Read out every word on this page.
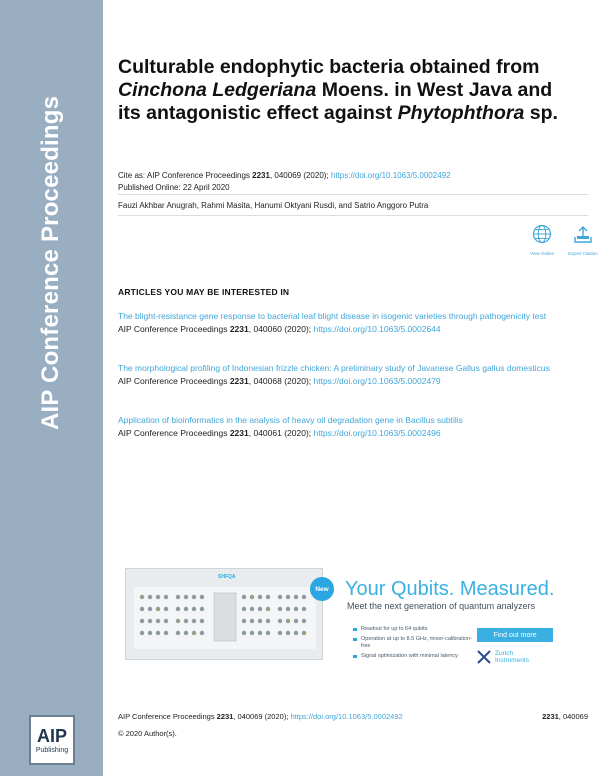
AIP Conference Proceedings
AIP
Publishing
Culturable endophytic bacteria obtained from Cinchona Ledgeriana Moens. in West Java and its antagonistic effect against Phytophthora sp.
Cite as: AIP Conference Proceedings 2231, 040069 (2020); https://doi.org/10.1063/5.0002492
Published Online: 22 April 2020
Fauzi Akhbar Anugrah, Rahmi Masita, Hanumi Oktyani Rusdi, and Satrio Anggoro Putra
View Online	Export Citation
ARTICLES YOU MAY BE INTERESTED IN
The blight-resistance gene response to bacterial leaf blight disease in isogenic varieties through pathogenicity test
AIP Conference Proceedings 2231, 040060 (2020); https://doi.org/10.1063/5.0002644
The morphological profiling of Indonesian frizzle chicken: A preliminary study of Javanese Gallus gallus domesticus
AIP Conference Proceedings 2231, 040068 (2020); https://doi.org/10.1063/5.0002479
Application of bioinformatics in the analysis of heavy oil degradation gene in Bacillus subtilis
AIP Conference Proceedings 2231, 040061 (2020); https://doi.org/10.1063/5.0002496
SHFQA
New Your Qubits. Measured.
Meet the next generation of quantum analyzers
Readout for up to 64 qubits
Operation at up to 8.5 GHz, mixer-calibration-free
Signal optimization with minimal latency
Find out more
Zurich
Instruments
AIP Conference Proceedings 2231, 040069 (2020); https://doi.org/10.1063/5.0002492	2231, 040069
© 2020 Author(s).
